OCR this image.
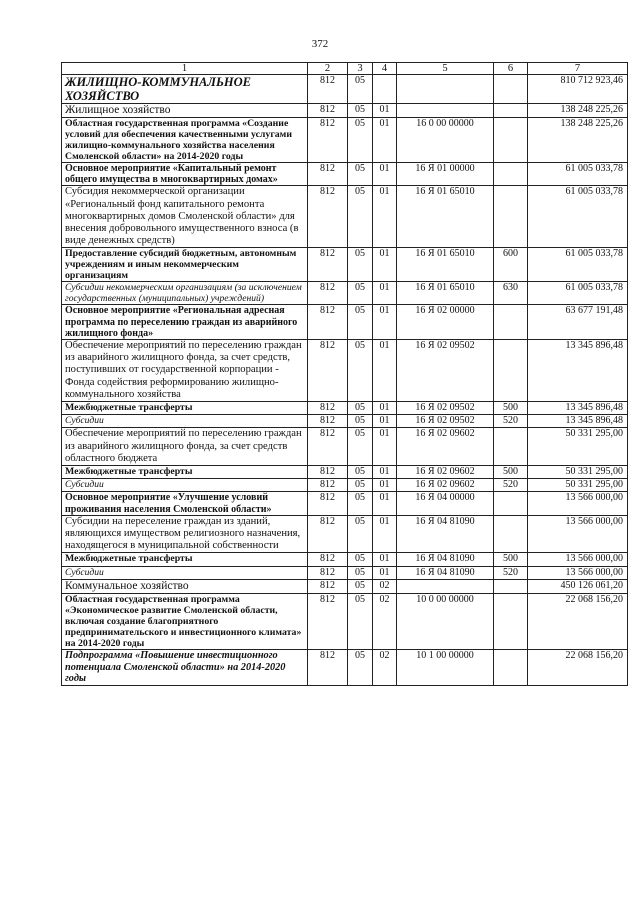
372
1	2	3	4	5	6	7
ЖИЛИЩНО-КОММУНАЛЬНОЕ ХОЗЯЙСТВО	812	05				810 712 923,46
Жилищное хозяйство	812	05	01			138 248 225,26
Областная государственная программа «Создание условий для обеспечения качественными услугами жилищно-коммунального хозяйства населения Смоленской области» на 2014-2020 годы	812	05	01	16 0 00 00000		138 248 225,26
Основное мероприятие «Капитальный ремонт общего имущества в многоквартирных домах»	812	05	01	16 Я 01 00000		61 005 033,78
Субсидия некоммерческой организации «Региональный фонд капитального ремонта многоквартирных домов Смоленской области» для внесения добровольного имущественного взноса (в виде денежных средств)	812	05	01	16 Я 01 65010		61 005 033,78
Предоставление субсидий бюджетным, автономным учреждениям и иным некоммерческим организациям	812	05	01	16 Я 01 65010	600	61 005 033,78
Субсидии некоммерческим организациям (за исключением государственных (муниципальных) учреждений)	812	05	01	16 Я 01 65010	630	61 005 033,78
Основное мероприятие «Региональная адресная программа по переселению граждан из аварийного жилищного фонда»	812	05	01	16 Я 02 00000		63 677 191,48
Обеспечение мероприятий по переселению граждан из аварийного жилищного фонда, за счет средств, поступивших от государственной корпорации - Фонда содействия реформированию жилищно-коммунального хозяйства	812	05	01	16 Я 02 09502		13 345 896,48
Межбюджетные трансферты	812	05	01	16 Я 02 09502	500	13 345 896,48
Субсидии	812	05	01	16 Я 02 09502	520	13 345 896,48
Обеспечение мероприятий по переселению граждан из аварийного жилищного фонда, за счет средств областного бюджета	812	05	01	16 Я 02 09602		50 331 295,00
Межбюджетные трансферты	812	05	01	16 Я 02 09602	500	50 331 295,00
Субсидии	812	05	01	16 Я 02 09602	520	50 331 295,00
Основное мероприятие «Улучшение условий проживания населения Смоленской области»	812	05	01	16 Я 04 00000		13 566 000,00
Субсидии на переселение граждан из зданий, являющихся имуществом религиозного назначения, находящегося в муниципальной собственности	812	05	01	16 Я 04 81090		13 566 000,00
Межбюджетные трансферты	812	05	01	16 Я 04 81090	500	13 566 000,00
Субсидии	812	05	01	16 Я 04 81090	520	13 566 000,00
Коммунальное хозяйство	812	05	02			450 126 061,20
Областная государственная программа «Экономическое развитие Смоленской области, включая создание благоприятного предпринимательского и инвестиционного климата» на 2014-2020 годы	812	05	02	10 0 00 00000		22 068 156,20
Подпрограмма «Повышение инвестиционного потенциала Смоленской области» на 2014-2020 годы	812	05	02	10 1 00 00000		22 068 156,20
